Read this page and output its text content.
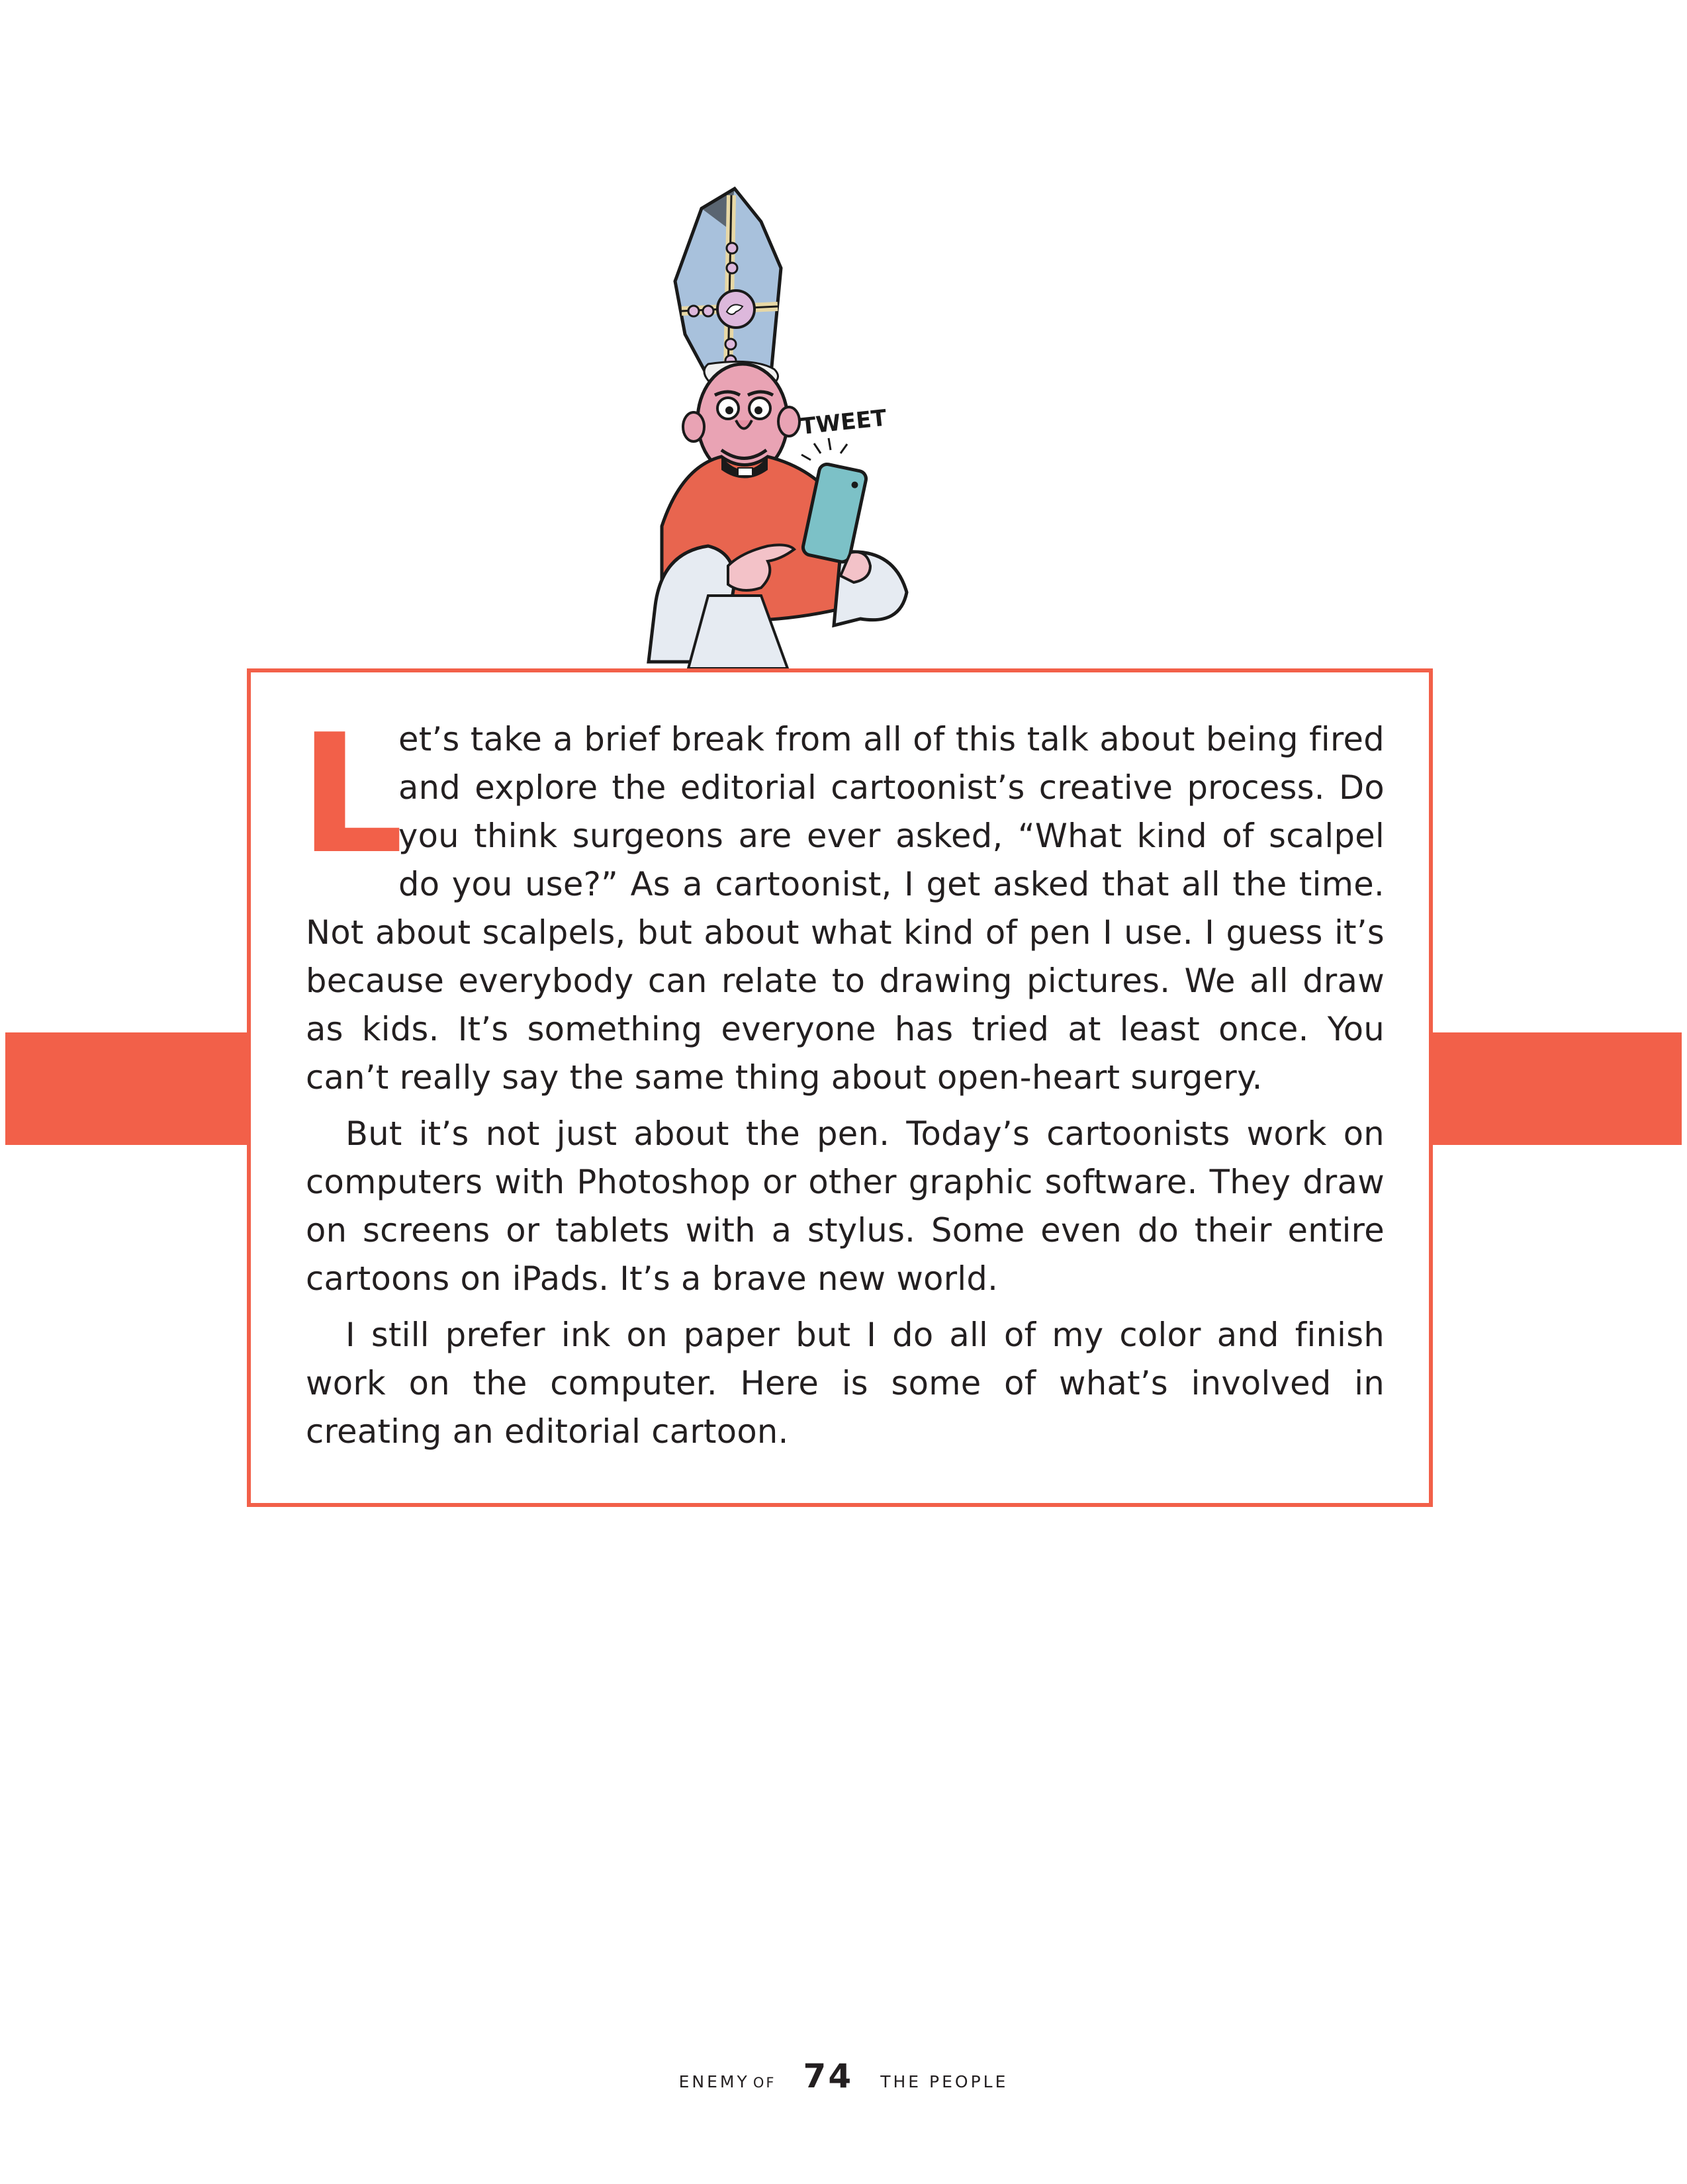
TWEET

L
et’s take a brief break from all of this talk about being fired and explore the editorial cartoonist’s creative process. Do you think surgeons are ever asked, “What kind of scalpel do you use?” As a cartoonist, I get asked that all the time. Not about scalpels, but about what kind of pen I use. I guess it’s because everybody can relate to drawing pictures. We all draw as kids. It’s something everyone has tried at least once. You can’t really say the same thing about open-heart surgery.

But it’s not just about the pen. Today’s cartoonists work on computers with Photoshop or other graphic software. They draw on screens or tablets with a stylus. Some even do their entire cartoons on iPads. It’s a brave new world.

I still prefer ink on paper but I do all of my color and finish work on the computer. Here is some of what’s involved in creating an editorial cartoon.

ENEMY OF 74 THE PEOPLE
